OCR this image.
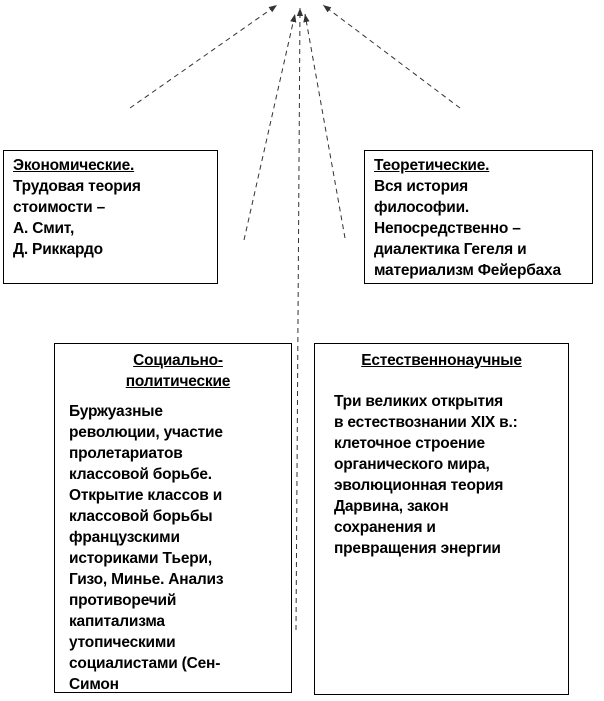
Экономические.
Трудовая теория
стоимости –
А. Смит,
Д. Риккардо
Теоретические.
Вся история
философии.
Непосредственно –
диалектика Гегеля и
материализм Фейербаха
Социально-
политические
Буржуазные
революции, участие
пролетариатов
классовой борьбе.
Открытие классов и
классовой борьбы
французскими
историками Тьери,
Гизо, Минье. Анализ
противоречий
капитализма
утопическими
социалистами (Сен-
Симон
Естественнонаучные
Три великих открытия
в естествознании XIX в.:
клеточное строение
органического мира,
эволюционная теория
Дарвина, закон
сохранения и
превращения энергии
